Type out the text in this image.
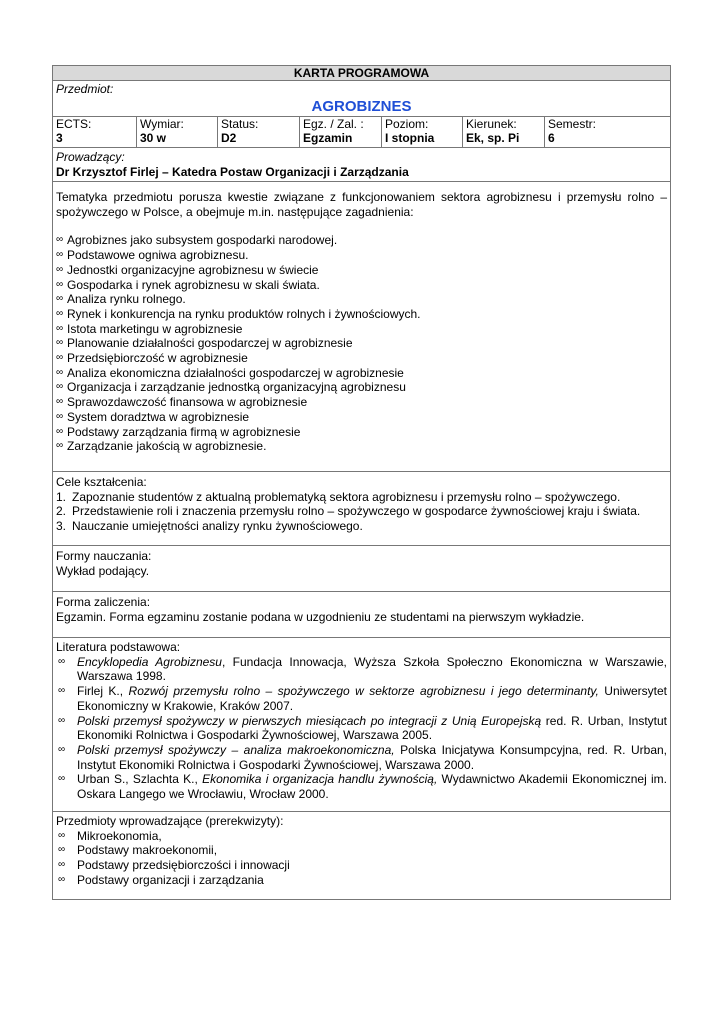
KARTA PROGRAMOWA
Przedmiot:
AGROBIZNES
ECTS:
3
Wymiar:
30 w
Status:
D2
Egz. / Zal. :
Egzamin
Poziom:
I stopnia
Kierunek:
Ek, sp. Pi
Semestr:
6
Prowadzący:
Dr Krzysztof Firlej – Katedra Postaw Organizacji i Zarządzania

Tematyka przedmiotu porusza kwestie związane z funkcjonowaniem sektora agrobiznesu i przemysłu rolno – spożywczego w Polsce, a obejmuje m.in. następujące zagadnienia:

∞ Agrobiznes jako subsystem gospodarki narodowej.
∞ Podstawowe ogniwa agrobiznesu.
∞ Jednostki organizacyjne agrobiznesu w świecie
∞ Gospodarka i rynek agrobiznesu w skali świata.
∞ Analiza rynku rolnego.
∞ Rynek i konkurencja na rynku produktów rolnych i żywnościowych.
∞ Istota marketingu w agrobiznesie
∞ Planowanie działalności gospodarczej w agrobiznesie
∞ Przedsiębiorczość w agrobiznesie
∞ Analiza ekonomiczna działalności gospodarczej w agrobiznesie
∞ Organizacja i zarządzanie jednostką organizacyjną agrobiznesu
∞ Sprawozdawczość finansowa w agrobiznesie
∞ System doradztwa w agrobiznesie
∞ Podstawy zarządzania firmą w agrobiznesie
∞ Zarządzanie jakością w agrobiznesie.
Cele kształcenia:
1. Zapoznanie studentów z aktualną problematyką sektora agrobiznesu i przemysłu rolno – spożywczego.
2. Przedstawienie roli i znaczenia przemysłu rolno – spożywczego w gospodarce żywnościowej kraju i świata.
3. Nauczanie umiejętności analizy rynku żywnościowego.
Formy nauczania:
Wykład podający.
Forma zaliczenia:
Egzamin. Forma egzaminu zostanie podana w uzgodnieniu ze studentami na pierwszym wykładzie.
Literatura podstawowa:
∞ Encyklopedia Agrobiznesu, Fundacja Innowacja, Wyższa Szkoła Społeczno Ekonomiczna w Warszawie, Warszawa 1998.
∞ Firlej K., Rozwój przemysłu rolno – spożywczego w sektorze agrobiznesu i jego determinanty, Uniwersytet Ekonomiczny w Krakowie, Kraków 2007.
∞ Polski przemysł spożywczy w pierwszych miesiącach po integracji z Unią Europejską red. R. Urban, Instytut Ekonomiki Rolnictwa i Gospodarki Żywnościowej, Warszawa 2005.
∞ Polski przemysł spożywczy – analiza makroekonomiczna, Polska Inicjatywa Konsumpcyjna, red. R. Urban, Instytut Ekonomiki Rolnictwa i Gospodarki Żywnościowej, Warszawa 2000.
∞ Urban S., Szlachta K., Ekonomika i organizacja handlu żywnością, Wydawnictwo Akademii Ekonomicznej im. Oskara Langego we Wrocławiu, Wrocław 2000.
Przedmioty wprowadzające (prerekwizyty):
∞ Mikroekonomia,
∞ Podstawy makroekonomii,
∞ Podstawy przedsiębiorczości i innowacji
∞ Podstawy organizacji i zarządzania
